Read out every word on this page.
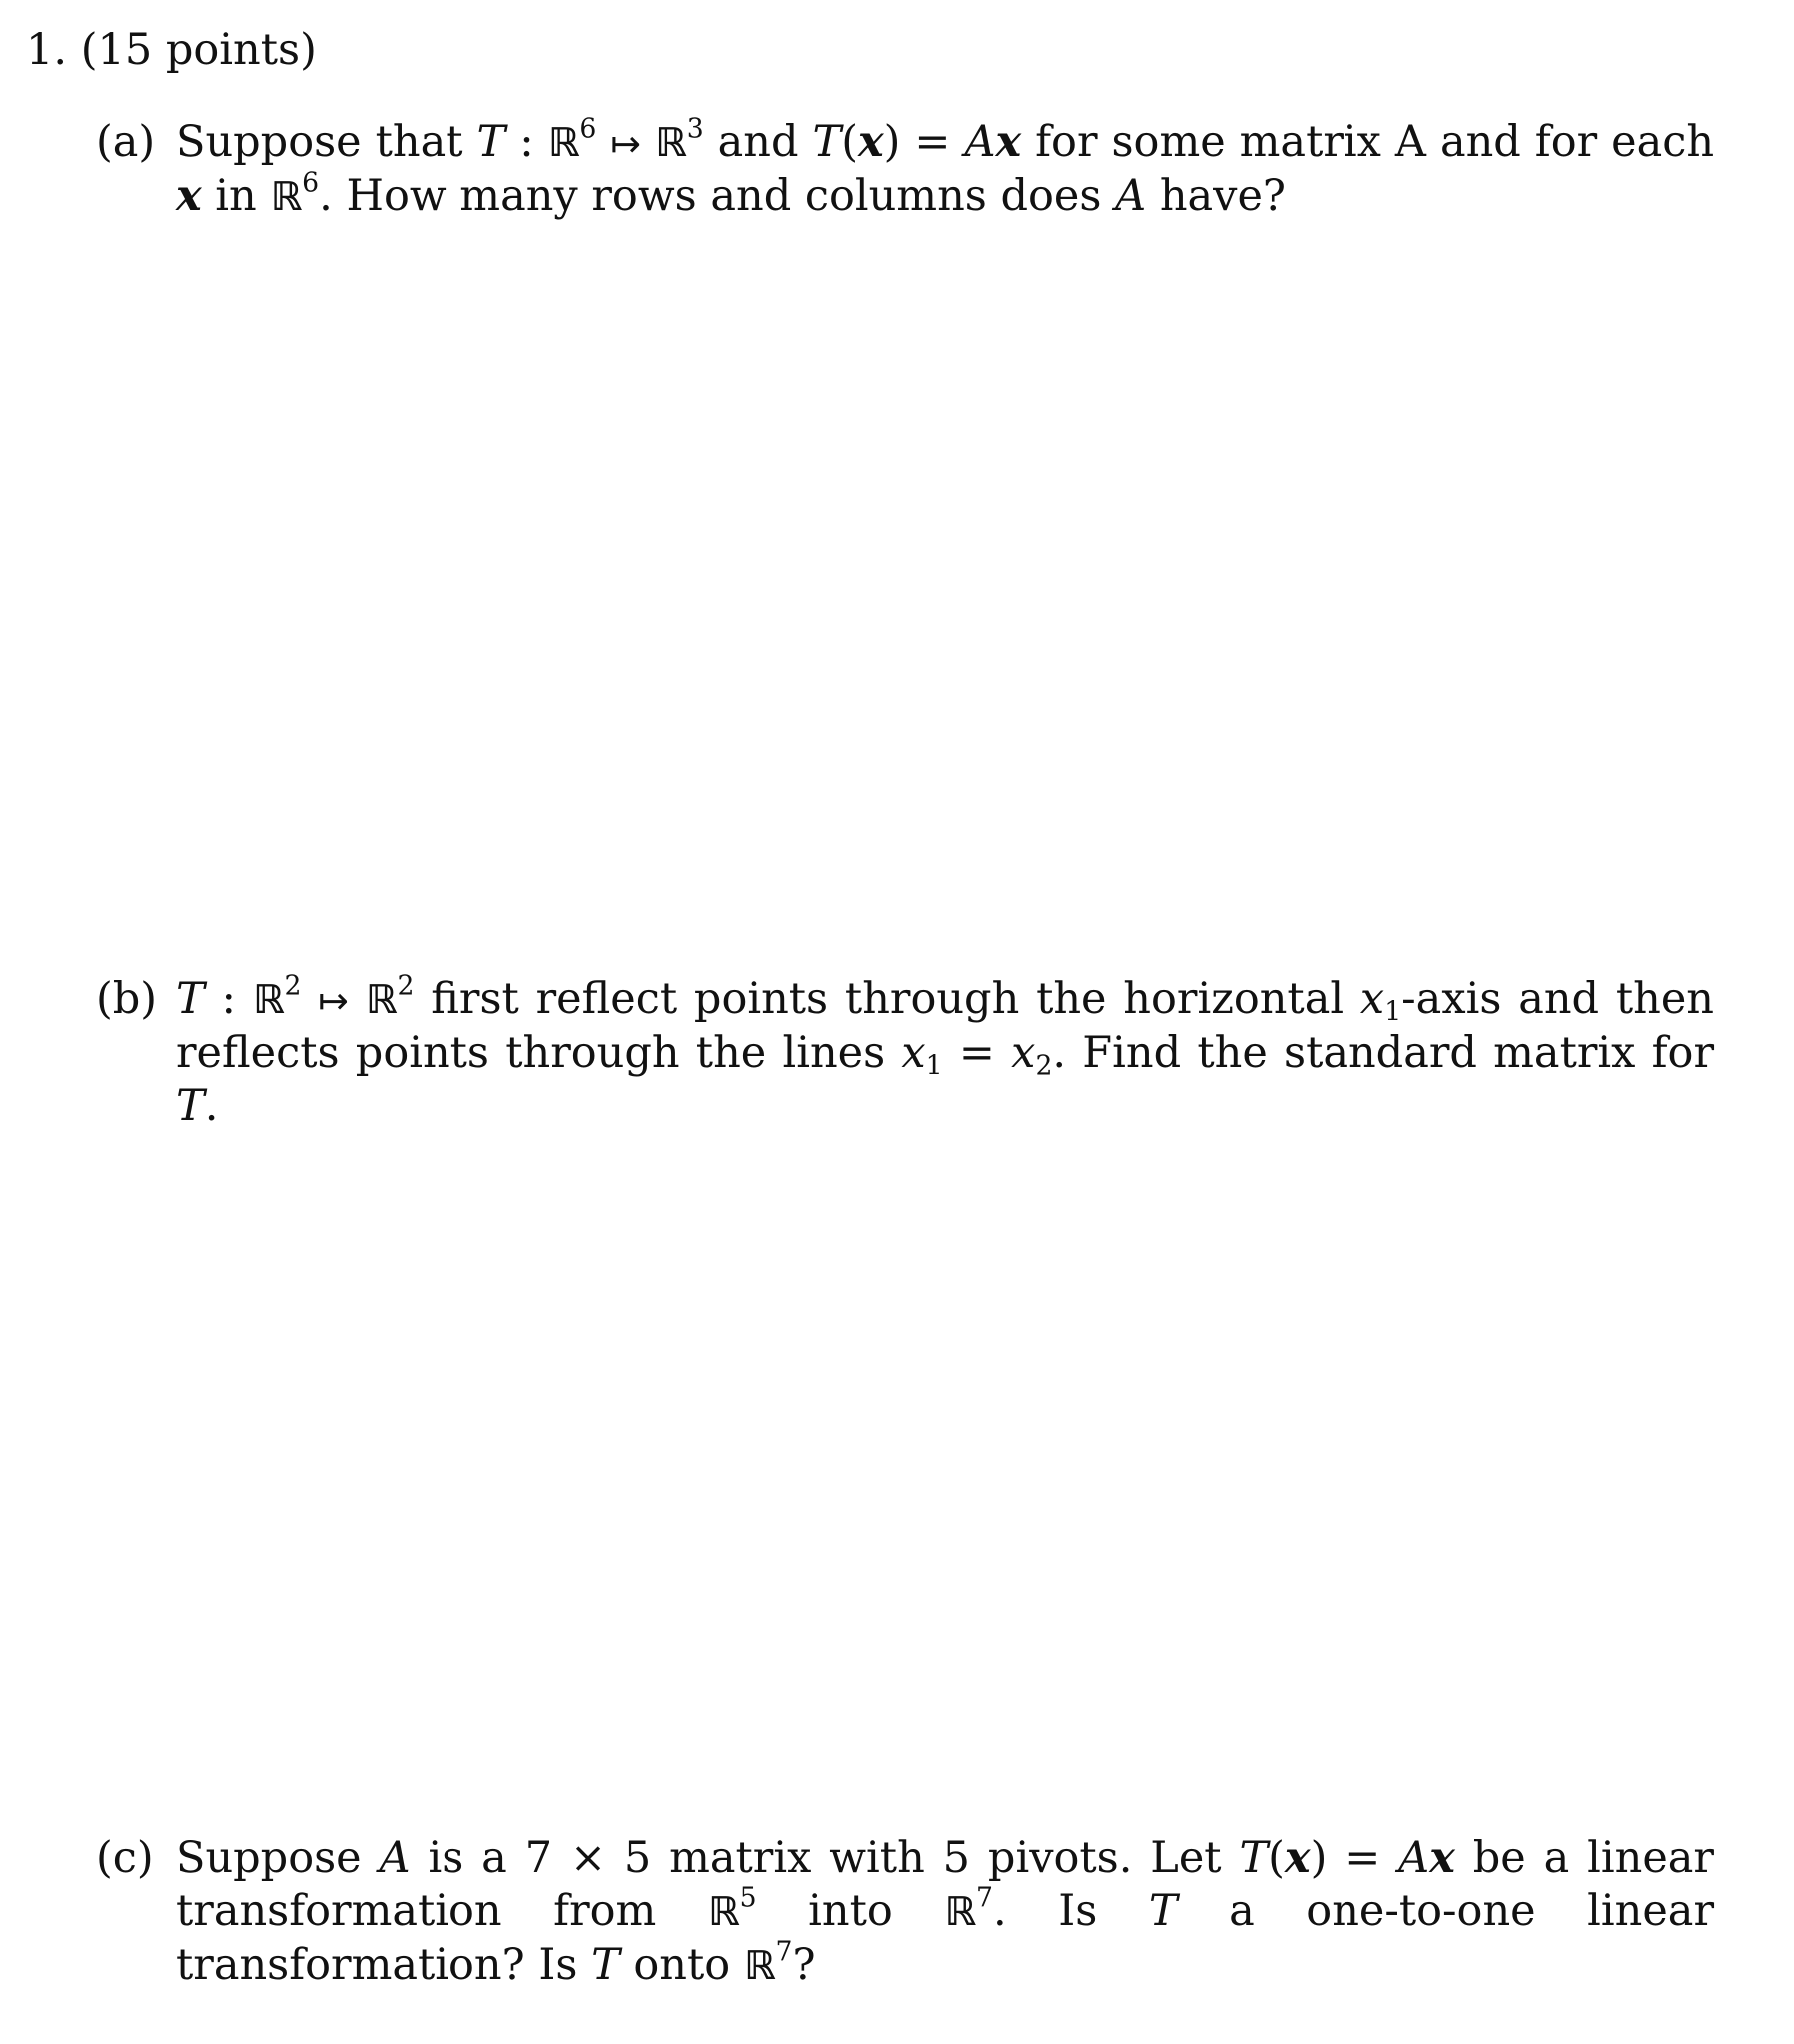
1. (15 points)
(a) Suppose that T : ℝ$^6$ ↦ ℝ$^3$ and T(x) = Ax for some matrix A and for each x in ℝ$^6$. How many rows and columns does A have?
(b) T : ℝ$^2$ ↦ ℝ$^2$ first reflect points through the horizontal $x_1$-axis and then reflects points through the lines $x_1 = x_2$. Find the standard matrix for T.
(c) Suppose A is a 7 × 5 matrix with 5 pivots. Let T(x) = Ax be a linear transformation from ℝ$^5$ into ℝ$^7$. Is T a one-to-one linear transformation? Is T onto ℝ$^7$?
